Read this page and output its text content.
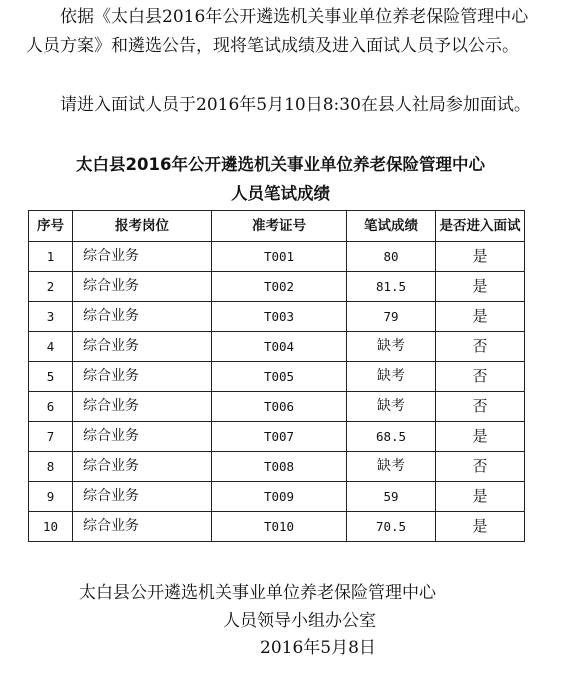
依据《太白县2016年公开遴选机关事业单位养老保险管理中心人员方案》和遴选公告，现将笔试成绩及进入面试人员予以公示。

请进入面试人员于2016年5月10日8:30在县人社局参加面试。

太白县2016年公开遴选机关事业单位养老保险管理中心

人员笔试成绩

序号	报考岗位	准考证号	笔试成绩	是否进入面试
1	综合业务	T001	80	是
2	综合业务	T002	81.5	是
3	综合业务	T003	79	是
4	综合业务	T004	缺考	否
5	综合业务	T005	缺考	否
6	综合业务	T006	缺考	否
7	综合业务	T007	68.5	是
8	综合业务	T008	缺考	否
9	综合业务	T009	59	是
10	综合业务	T010	70.5	是

太白县公开遴选机关事业单位养老保险管理中心

人员领导小组办公室

2016年5月8日
